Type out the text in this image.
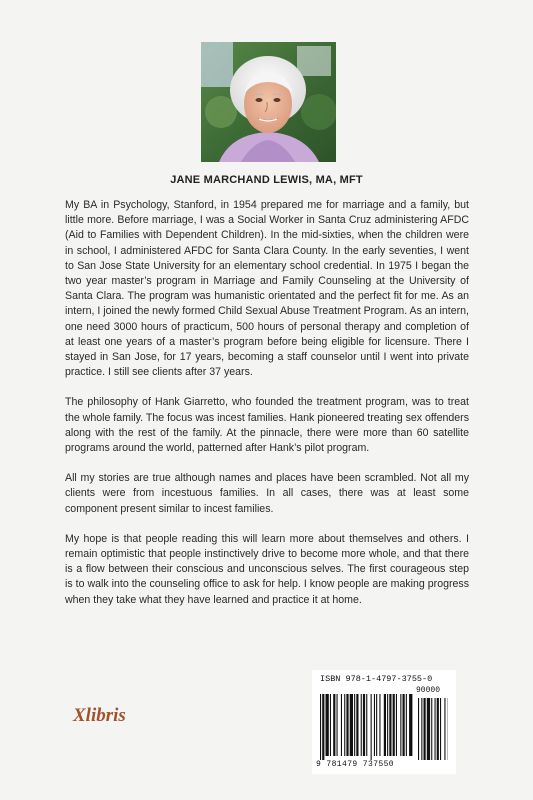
JANE MARCHAND LEWIS, MA, MFT

My BA in Psychology, Stanford, in 1954 prepared me for marriage and a family, but little more. Before marriage, I was a Social Worker in Santa Cruz administering AFDC (Aid to Families with Dependent Children). In the mid-sixties, when the children were in school, I administered AFDC for Santa Clara County. In the early seventies, I went to San Jose State University for an elementary school credential. In 1975 I began the two year master’s program in Marriage and Family Counseling at the University of Santa Clara. The program was humanistic orientated and the perfect fit for me. As an intern, I joined the newly formed Child Sexual Abuse Treatment Program. As an intern, one need 3000 hours of practicum, 500 hours of personal therapy and completion of at least one years of a master’s program before being eligible for licensure. There I stayed in San Jose, for 17 years, becoming a staff counselor until I went into private practice. I still see clients after 37 years.

The philosophy of Hank Giarretto, who founded the treatment program, was to treat the whole family. The focus was incest families. Hank pioneered treating sex offenders along with the rest of the family. At the pinnacle, there were more than 60 satellite programs around the world, patterned after Hank’s pilot program.

All my stories are true although names and places have been scrambled. Not all my clients were from incestuous families. In all cases, there was at least some component present similar to incest families.

My hope is that people reading this will learn more about themselves and others. I remain optimistic that people instinctively drive to become more whole, and that there is a flow between their conscious and unconscious selves. The first courageous step is to walk into the counseling office to ask for help. I know people are making progress when they take what they have learned and practice it at home.

Xlibris
ISBN 978-1-4797-3755-0
90000
9 781479 737550
